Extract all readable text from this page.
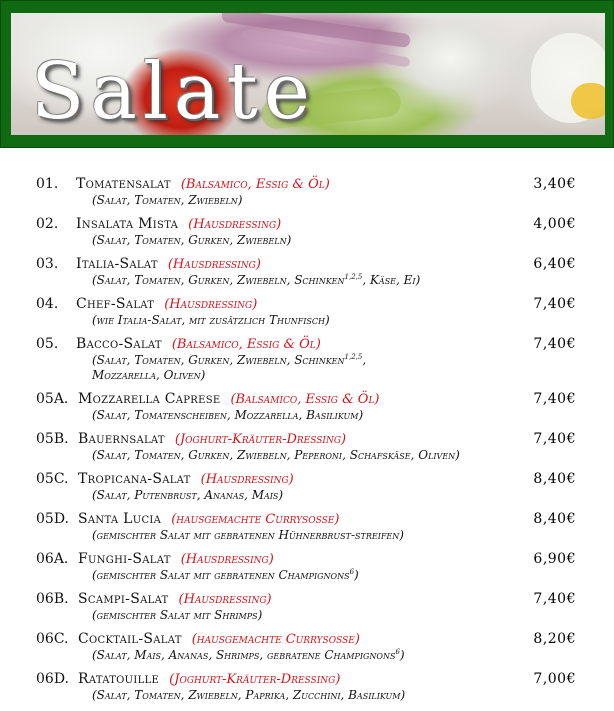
Salate
01. Tomatensalat (Balsamico, Essig & Öl)	3,40€
(Salat, Tomaten, Zwiebeln)
02. Insalata Mista (Hausdressing)	4,00€
(Salat, Tomaten, Gurken, Zwiebeln)
03. Italia-Salat (Hausdressing)	6,40€
(Salat, Tomaten, Gurken, Zwiebeln, Schinken$^{1,2,5}$, Käse, Ei)
04. Chef-Salat (Hausdressing)	7,40€
(wie Italia-Salat, mit zusätzlich Thunfisch)
05. Bacco-Salat (Balsamico, Essig & Öl)	7,40€
(Salat, Tomaten, Gurken, Zwiebeln, Schinken$^{1,2,5}$,
Mozzarella, Oliven)
05A. Mozzarella Caprese (Balsamico, Essig & Öl)	7,40€
(Salat, Tomatenscheiben, Mozzarella, Basilikum)
05B. Bauernsalat (Joghurt-Kräuter-Dressing)	7,40€
(Salat, Tomaten, Gurken, Zwiebeln, Peperoni, Schafskäse, Oliven)
05C. Tropicana-Salat (Hausdressing)	8,40€
(Salat, Putenbrust, Ananas, Mais)
05D. Santa Lucia (hausgemachte Currysosse)	8,40€
(gemischter Salat mit gebratenen Hühnerbrust-streifen)
06A. Funghi-Salat (Hausdressing)	6,90€
(gemischter Salat mit gebratenen Champignons$^6$)
06B. Scampi-Salat (Hausdressing)	7,40€
(gemischter Salat mit Shrimps)
06C. Cocktail-Salat (hausgemachte Currysosse)	8,20€
(Salat, Mais, Ananas, Shrimps, gebratene Champignons$^6$)
06D. Ratatouille (Joghurt-Kräuter-Dressing)	7,00€
(Salat, Tomaten, Zwiebeln, Paprika, Zucchini, Basilikum)
